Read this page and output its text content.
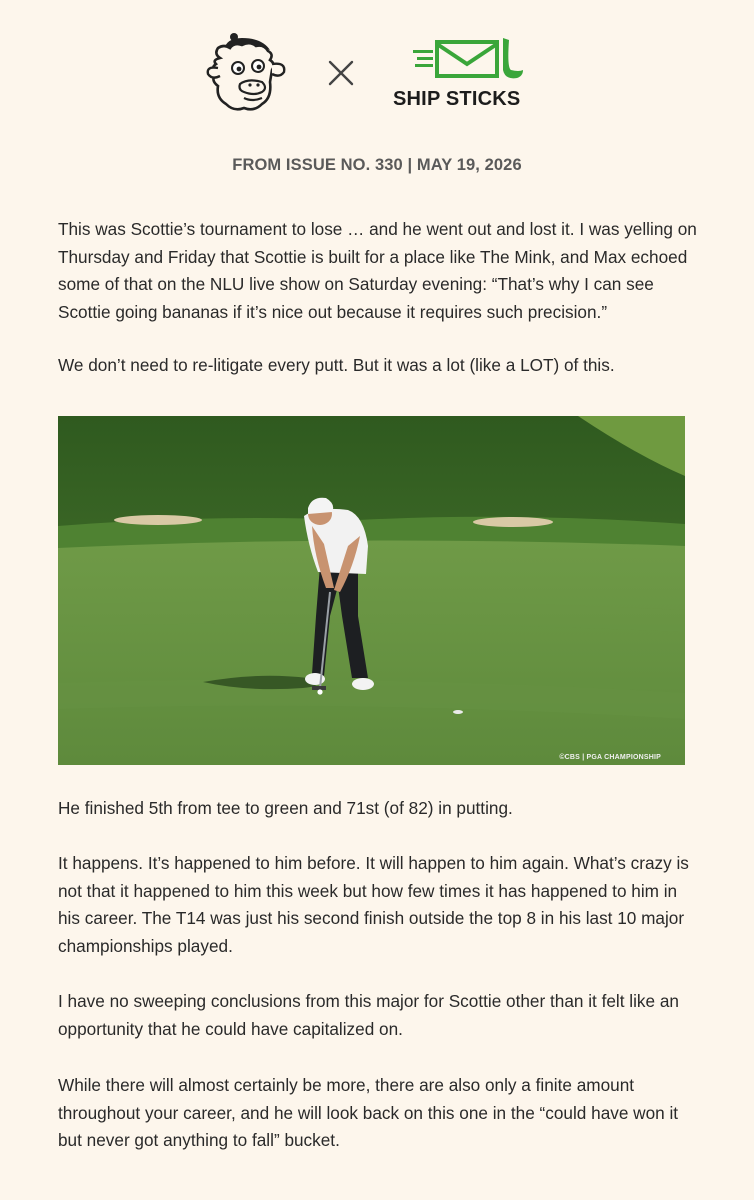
SHIP STICKS
FROM ISSUE NO. 330 | MAY 19, 2026

This was Scottie’s tournament to lose … and he went out and lost it. I was yelling on Thursday and Friday that Scottie is built for a place like The Mink, and Max echoed some of that on the NLU live show on Saturday evening: “That’s why I can see Scottie going bananas if it’s nice out because it requires such precision.”

We don’t need to re-litigate every putt. But it was a lot (like a LOT) of this.

©CBS | PGA CHAMPIONSHIP

He finished 5th from tee to green and 71st (of 82) in putting.

It happens. It’s happened to him before. It will happen to him again. What’s crazy is not that it happened to him this week but how few times it has happened to him in his career. The T14 was just his second finish outside the top 8 in his last 10 major championships played.

I have no sweeping conclusions from this major for Scottie other than it felt like an opportunity that he could have capitalized on.

While there will almost certainly be more, there are also only a finite amount throughout your career, and he will look back on this one in the “could have won it but never got anything to fall” bucket.
